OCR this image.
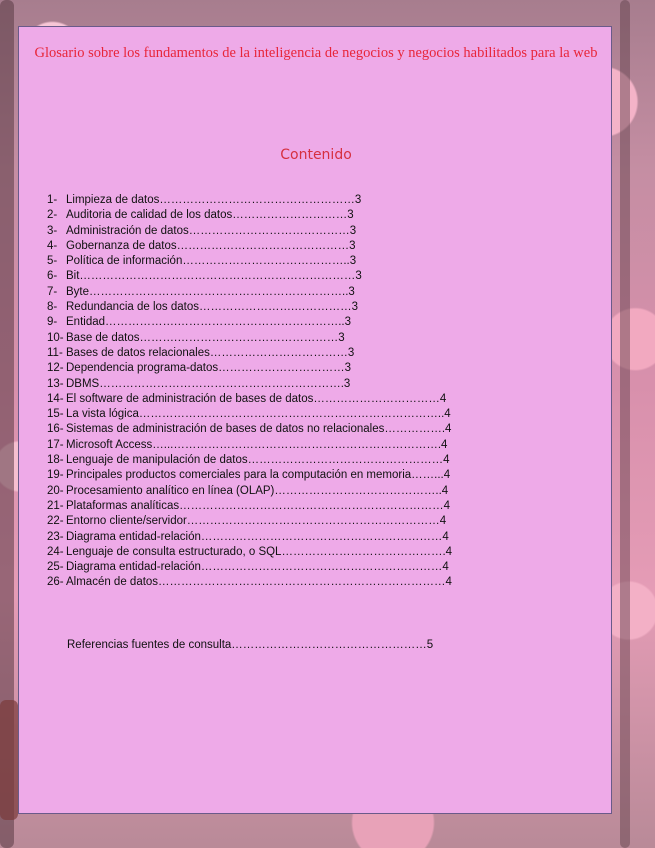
Glosario sobre los fundamentos de la inteligencia de negocios y negocios habilitados para la web
Contenido
1- Limpieza de datos……………………………………………3
2- Auditoria de calidad de los datos…………………………3
3- Administración de datos……………………………………3
4- Gobernanza de datos………………………………………3
5- Política de información……………………………………..3
6- Bit………………………………………………………………3
7- Byte…………………………………………………………..3
8- Redundancia de los datos…………………….……………3
9- Entidad……………….……………………………………..3
10- Base de datos……….……………………………………3
11- Bases de datos relacionales………………………………3
12- Dependencia programa-datos……………………………3
13- DBMS……………………………………………………….3
14- El software de administración de bases de datos……………………………4
15- La vista lógica……………………………………………………………………..4
16- Sistemas de administración de bases de datos no relacionales…………….4
17- Microsoft Access…...…………………………………………………………….4
18- Lenguaje de manipulación de datos……………………………………………4
19- Principales productos comerciales para la computación en memoria……...4
20- Procesamiento analítico en línea (OLAP)……………………………………..4
21- Plataformas analíticas……………………………………………………………4
22- Entorno cliente/servidor…………………………………………………………4
23- Diagrama entidad-relación………………………………………………………4
24- Lenguaje de consulta estructurado, o SQL…………………………………….4
25- Diagrama entidad-relación………………………………………………………4
26- Almacén de datos…………………………………………………………………4
Referencias fuentes de consulta……………………………………………5
